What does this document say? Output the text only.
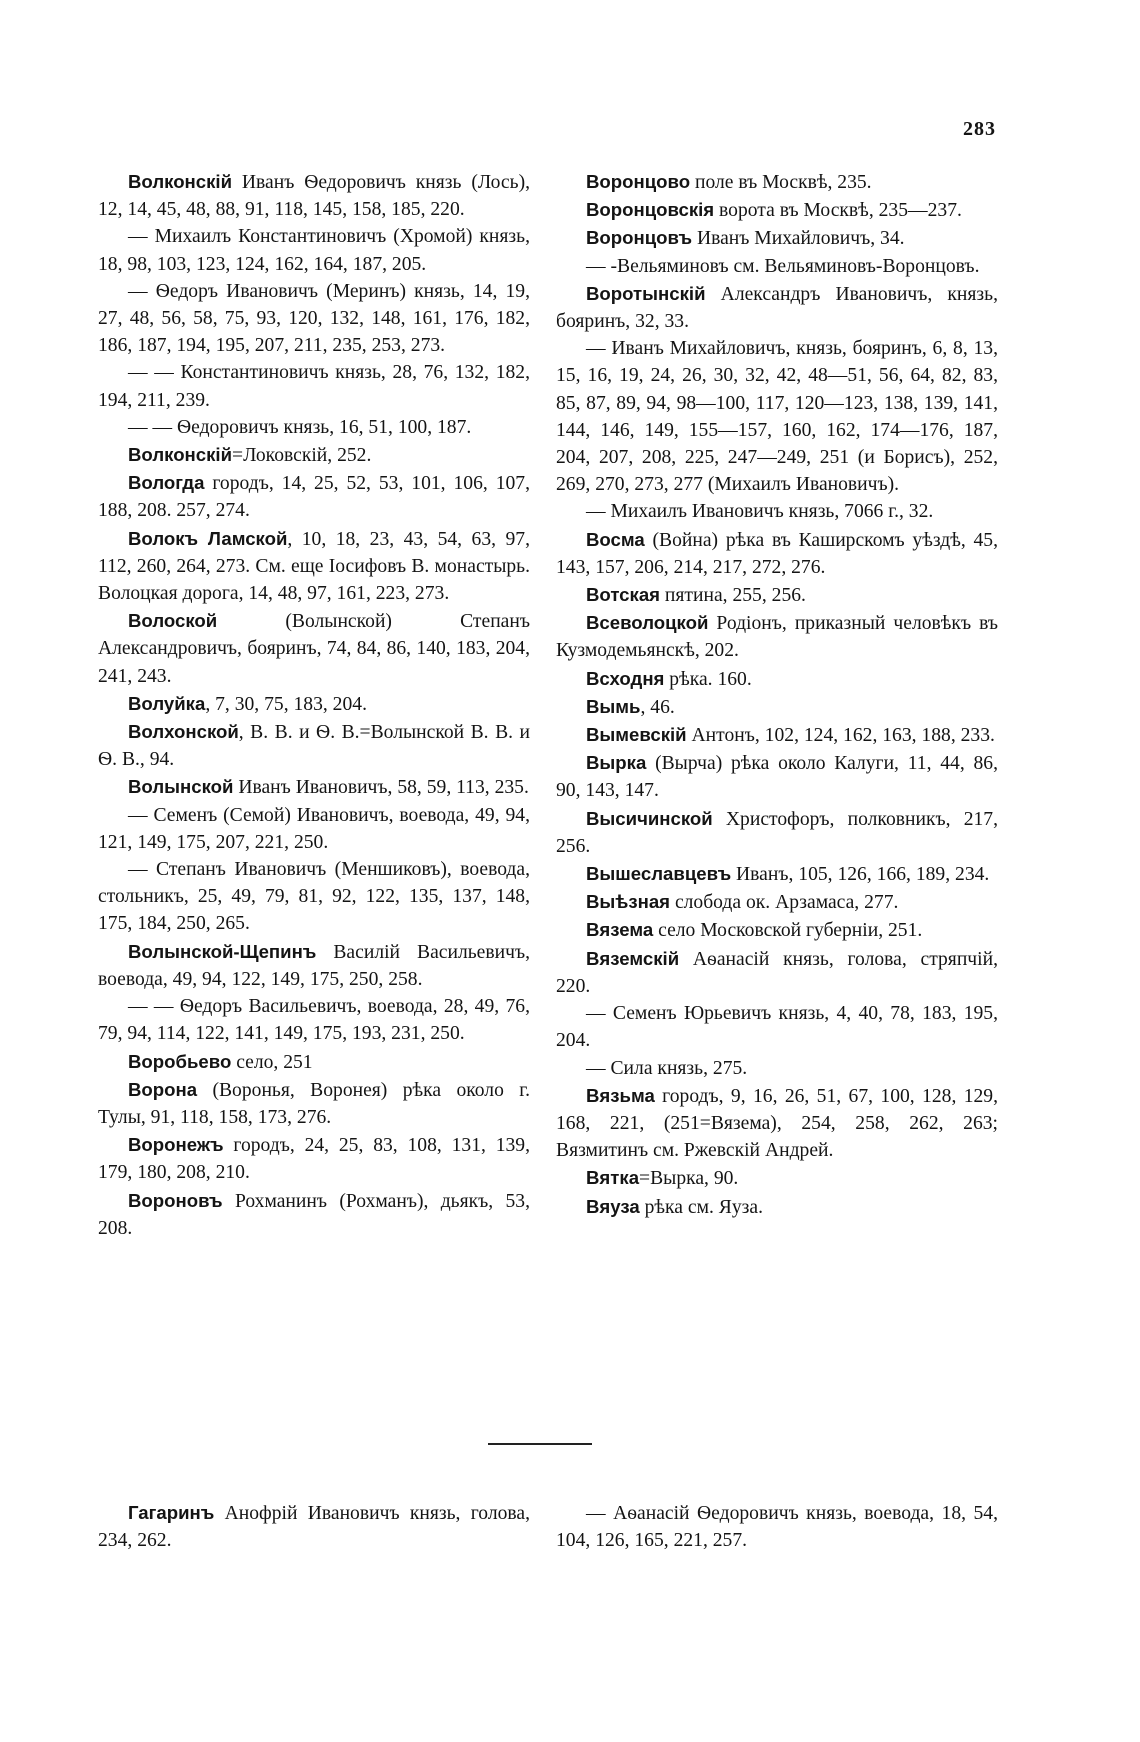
283

Волконскій Иванъ Ѳедоровичъ князь (Лось), 12, 14, 45, 48, 88, 91, 118, 145, 158, 185, 220.

— Михаилъ Константиновичъ (Хромой) князь, 18, 98, 103, 123, 124, 162, 164, 187, 205.

— Ѳедоръ Ивановичъ (Меринъ) князь, 14, 19, 27, 48, 56, 58, 75, 93, 120, 132, 148, 161, 176, 182, 186, 187, 194, 195, 207, 211, 235, 253, 273.

— — Константиновичъ князь, 28, 76, 132, 182, 194, 211, 239.

— — Ѳедоровичъ князь, 16, 51, 100, 187.

Волконскій=Локовскій, 252.

Вологда городъ, 14, 25, 52, 53, 101, 106, 107, 188, 208. 257, 274.

Волокъ Ламской, 10, 18, 23, 43, 54, 63, 97, 112, 260, 264, 273. См. еще Іосифовъ В. монастырь. Волоцкая дорога, 14, 48, 97, 161, 223, 273.

Волоской (Волынской) Степанъ Александровичъ, бояринъ, 74, 84, 86, 140, 183, 204, 241, 243.

Волуйка, 7, 30, 75, 183, 204.

Волхонской, В. В. и Ѳ. В.=Волынской В. В. и Ѳ. В., 94.

Волынской Иванъ Ивановичъ, 58, 59, 113, 235.

— Семенъ (Семой) Ивановичъ, воевода, 49, 94, 121, 149, 175, 207, 221, 250.

— Степанъ Ивановичъ (Меншиковъ), воевода, стольникъ, 25, 49, 79, 81, 92, 122, 135, 137, 148, 175, 184, 250, 265.

Волынской-Щепинъ Василій Васильевичъ, воевода, 49, 94, 122, 149, 175, 250, 258.

— — Ѳедоръ Васильевичъ, воевода, 28, 49, 76, 79, 94, 114, 122, 141, 149, 175, 193, 231, 250.

Воробьево село, 251

Ворона (Воронья, Воронея) рѣка около г. Тулы, 91, 118, 158, 173, 276.

Воронежъ городъ, 24, 25, 83, 108, 131, 139, 179, 180, 208, 210.

Вороновъ Рохманинъ (Рохманъ), дьякъ, 53, 208.

Воронцово поле въ Москвѣ, 235.

Воронцовскія ворота въ Москвѣ, 235—237.

Воронцовъ Иванъ Михайловичъ, 34.

— -Вельяминовъ см. Вельяминовъ-Воронцовъ.

Воротынскій Александръ Ивановичъ, князь, бояринъ, 32, 33.

— Иванъ Михайловичъ, князь, бояринъ, 6, 8, 13, 15, 16, 19, 24, 26, 30, 32, 42, 48—51, 56, 64, 82, 83, 85, 87, 89, 94, 98—100, 117, 120—123, 138, 139, 141, 144, 146, 149, 155—157, 160, 162, 174—176, 187, 204, 207, 208, 225, 247—249, 251 (и Борисъ), 252, 269, 270, 273, 277 (Михаилъ Ивановичъ).

— Михаилъ Ивановичъ князь, 7066 г., 32.

Восма (Война) рѣка въ Каширскомъ уѣздѣ, 45, 143, 157, 206, 214, 217, 272, 276.

Вотская пятина, 255, 256.

Всеволоцкой Родіонъ, приказный человѣкъ въ Кузмодемьянскѣ, 202.

Всходня рѣка. 160.

Вымь, 46.

Вымевскій Антонъ, 102, 124, 162, 163, 188, 233.

Вырка (Вырча) рѣка около Калуги, 11, 44, 86, 90, 143, 147.

Высичинской Христофоръ, полковникъ, 217, 256.

Вышеславцевъ Иванъ, 105, 126, 166, 189, 234.

Выѣзная слобода ок. Арзамаса, 277.

Вязема село Московской губерніи, 251.

Вяземскій Аѳанасій князь, голова, стряпчій, 220.

— Семенъ Юрьевичъ князь, 4, 40, 78, 183, 195, 204.

— Сила князь, 275.

Вязьма городъ, 9, 16, 26, 51, 67, 100, 128, 129, 168, 221, (251=Вязема), 254, 258, 262, 263; Вязмитинъ см. Ржевскій Андрей.

Вятка=Вырка, 90.

Вяуза рѣка см. Яуза.

Гагаринъ Анофрій Ивановичъ князь, голова, 234, 262.

— Аѳанасій Ѳедоровичъ князь, воевода, 18, 54, 104, 126, 165, 221, 257.
